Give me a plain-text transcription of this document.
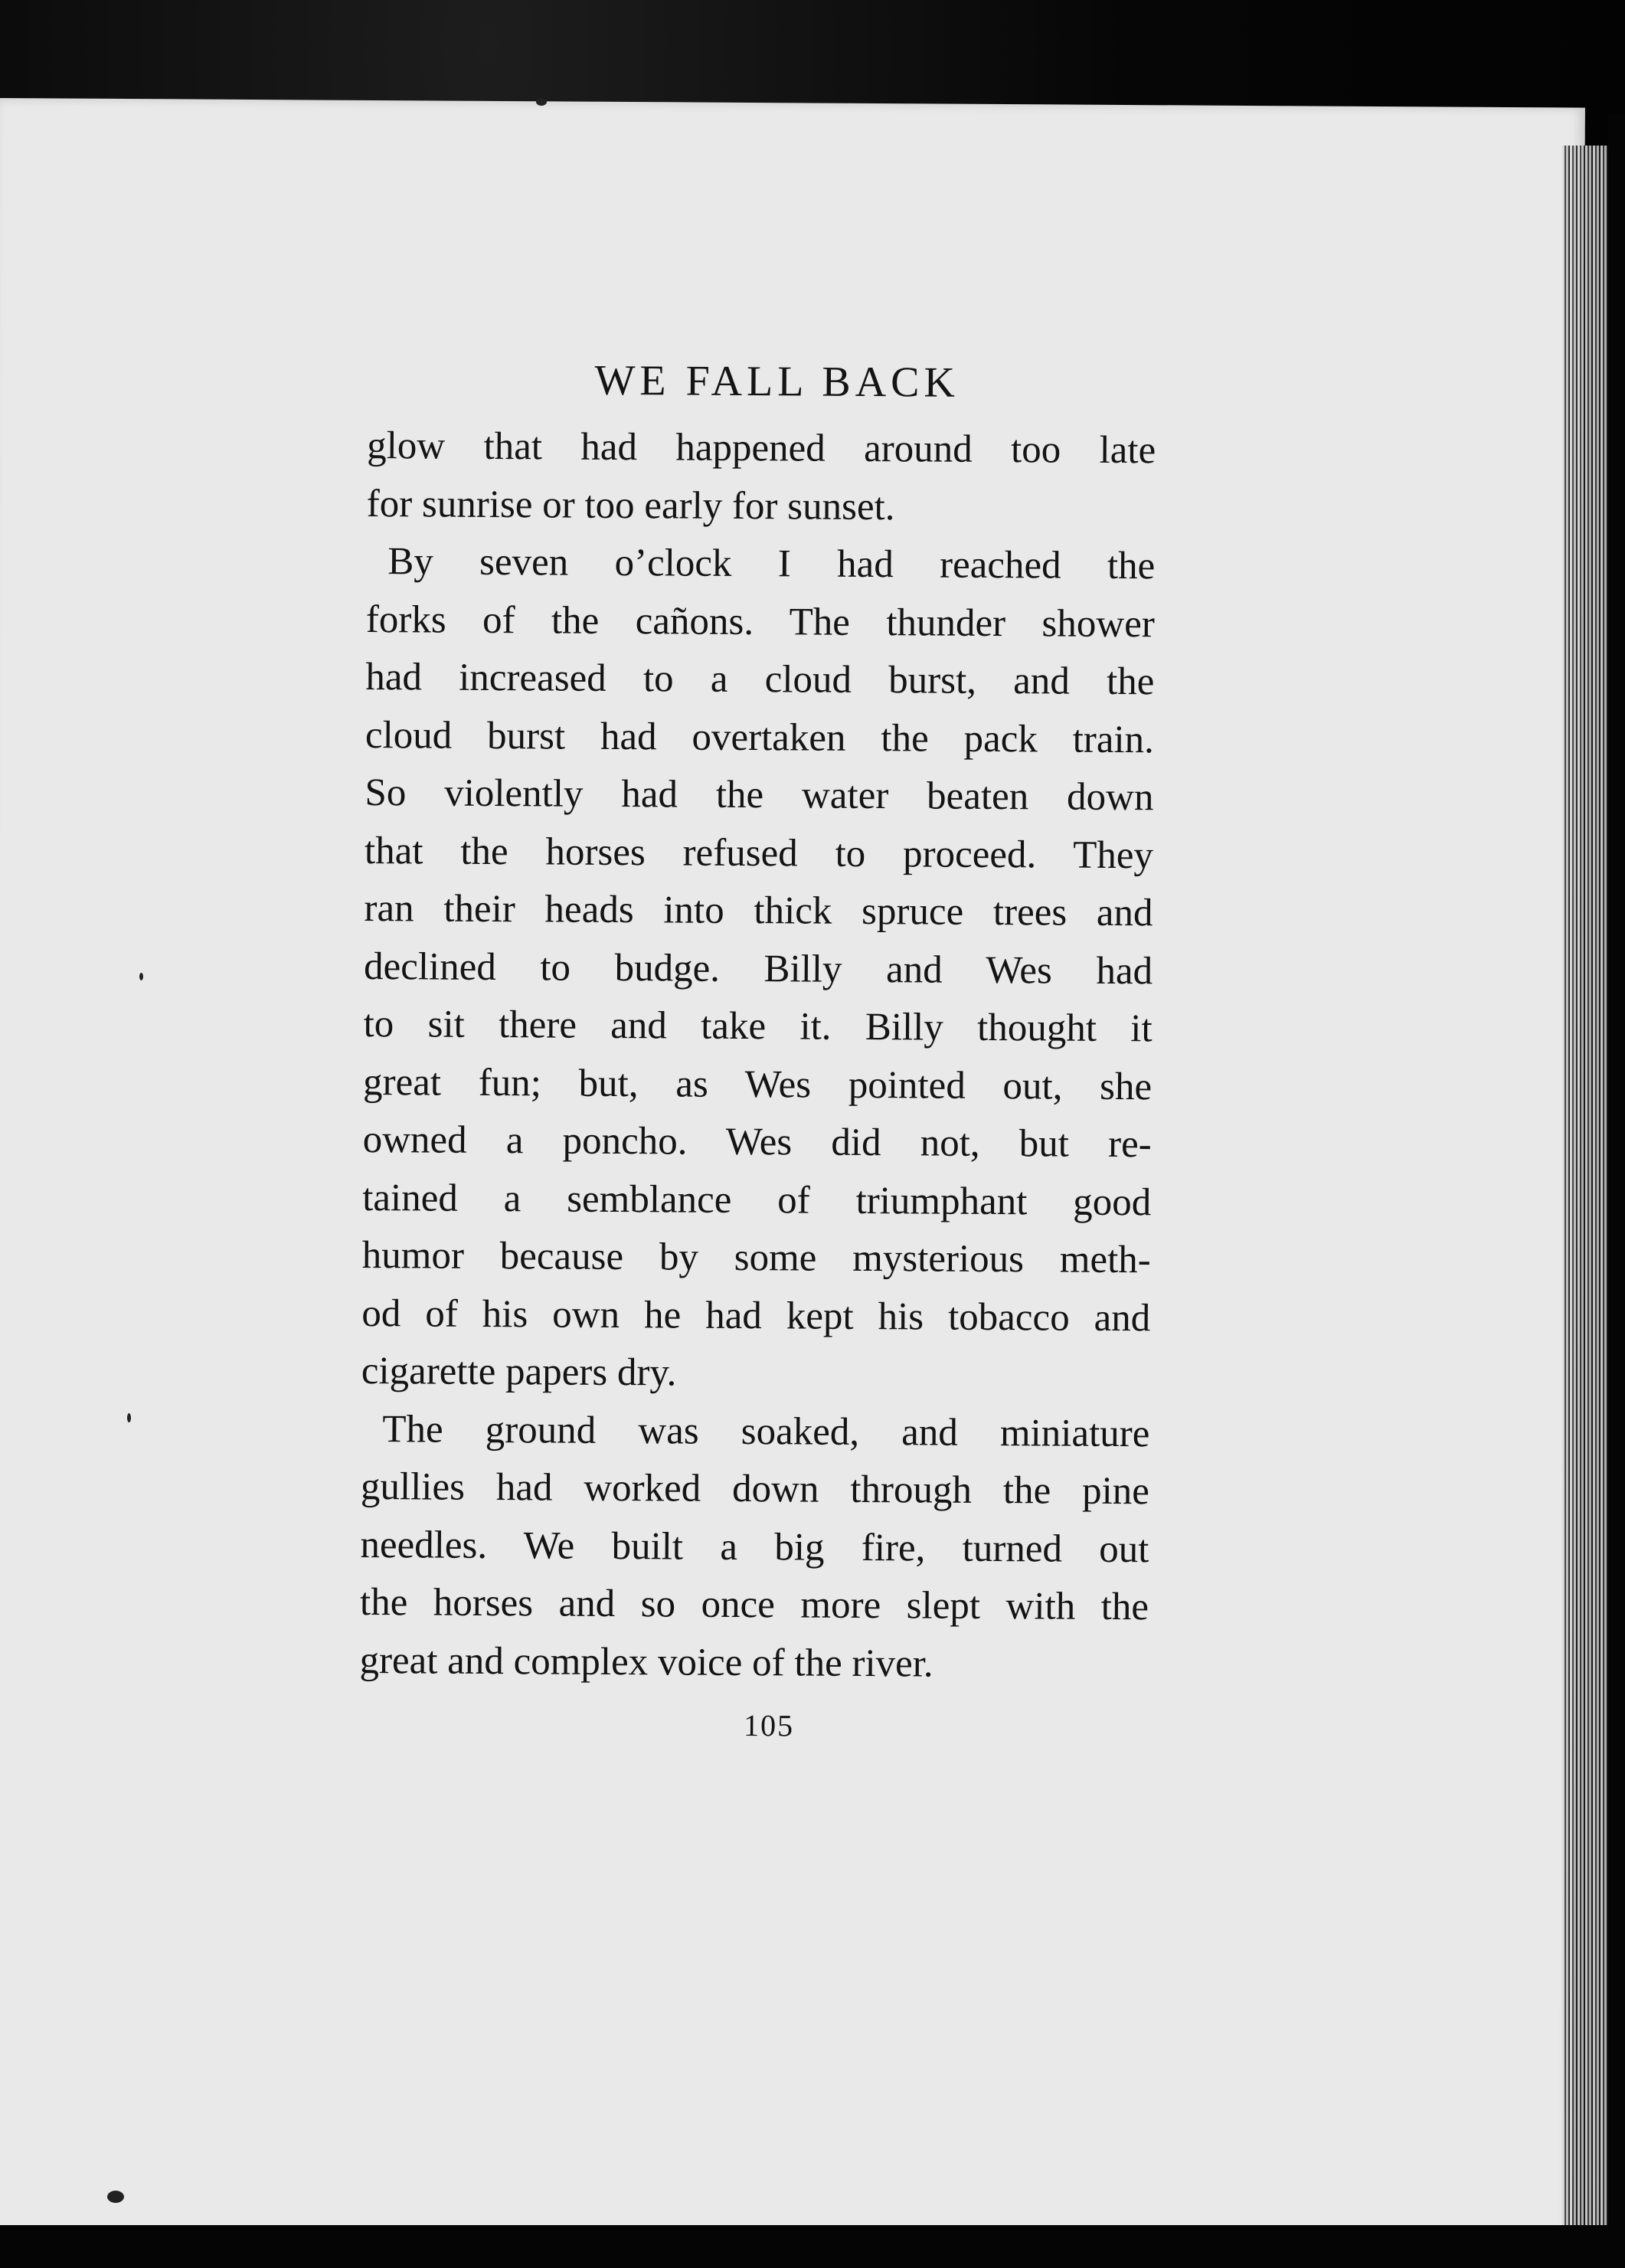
WE FALL BACK
glow that had happened around too late
for sunrise or too early for sunset.
By seven o’clock I had reached the
forks of the cañons. The thunder shower
had increased to a cloud burst, and the
cloud burst had overtaken the pack train.
So violently had the water beaten down
that the horses refused to proceed. They
ran their heads into thick spruce trees and
declined to budge. Billy and Wes had
to sit there and take it. Billy thought it
great fun; but, as Wes pointed out, she
owned a poncho. Wes did not, but re-
tained a semblance of triumphant good
humor because by some mysterious meth-
od of his own he had kept his tobacco and
cigarette papers dry.
The ground was soaked, and miniature
gullies had worked down through the pine
needles. We built a big fire, turned out
the horses and so once more slept with the
great and complex voice of the river.
105
